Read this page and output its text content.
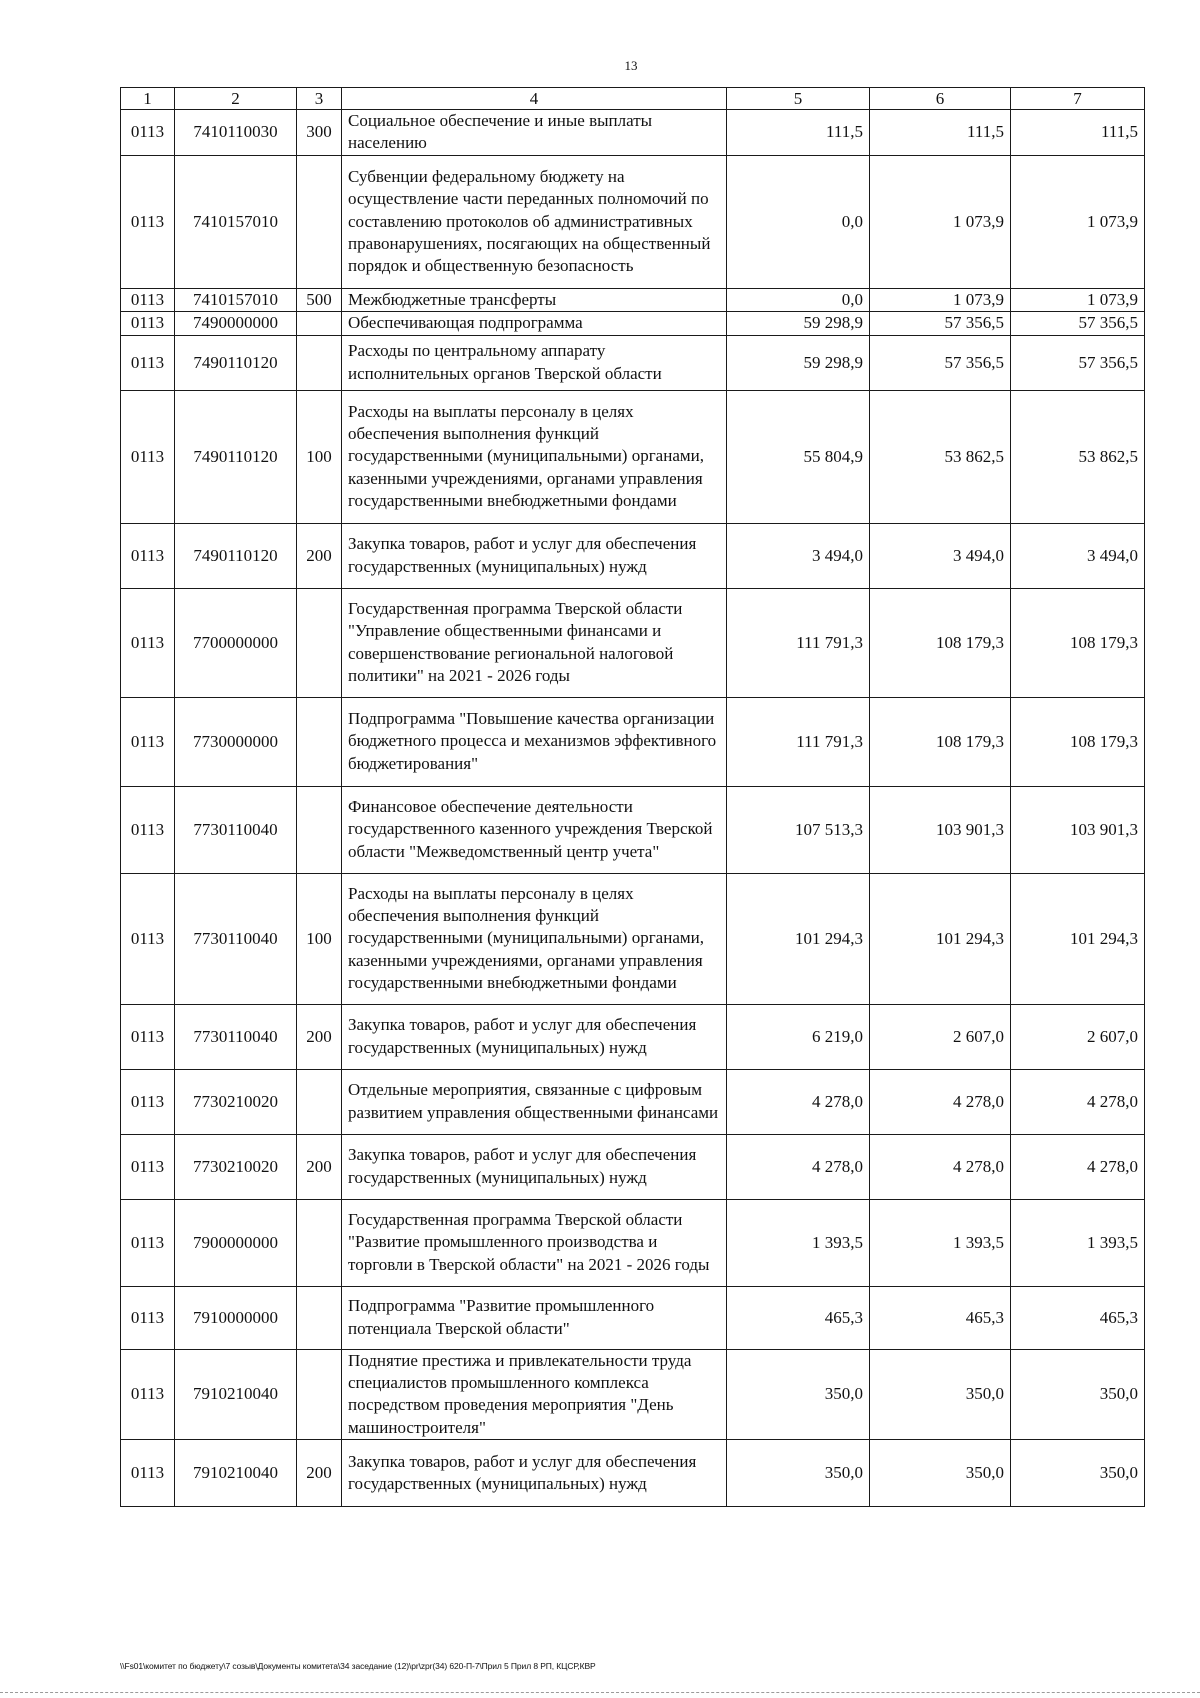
13
1	2	3	4	5	6	7
0113	7410110030	300	Социальное обеспечение и иные выплаты населению	111,5	111,5	111,5
0113	7410157010		Субвенции федеральному бюджету на осуществление части переданных полномочий по составлению протоколов об административных правонарушениях, посягающих на общественный порядок и общественную безопасность	0,0	1 073,9	1 073,9
0113	7410157010	500	Межбюджетные трансферты	0,0	1 073,9	1 073,9
0113	7490000000		Обеспечивающая подпрограмма	59 298,9	57 356,5	57 356,5
0113	7490110120		Расходы по центральному аппарату исполнительных органов Тверской области	59 298,9	57 356,5	57 356,5
0113	7490110120	100	Расходы на выплаты персоналу в целях обеспечения выполнения функций государственными (муниципальными) органами, казенными учреждениями, органами управления государственными внебюджетными фондами	55 804,9	53 862,5	53 862,5
0113	7490110120	200	Закупка товаров, работ и услуг для обеспечения государственных (муниципальных) нужд	3 494,0	3 494,0	3 494,0
0113	7700000000		Государственная программа Тверской области "Управление общественными финансами и совершенствование региональной налоговой политики" на 2021 - 2026 годы	111 791,3	108 179,3	108 179,3
0113	7730000000		Подпрограмма "Повышение качества организации бюджетного процесса и механизмов эффективного бюджетирования"	111 791,3	108 179,3	108 179,3
0113	7730110040		Финансовое обеспечение деятельности государственного казенного учреждения Тверской области "Межведомственный центр учета"	107 513,3	103 901,3	103 901,3
0113	7730110040	100	Расходы на выплаты персоналу в целях обеспечения выполнения функций государственными (муниципальными) органами, казенными учреждениями, органами управления государственными внебюджетными фондами	101 294,3	101 294,3	101 294,3
0113	7730110040	200	Закупка товаров, работ и услуг для обеспечения государственных (муниципальных) нужд	6 219,0	2 607,0	2 607,0
0113	7730210020		Отдельные мероприятия, связанные с цифровым развитием управления общественными финансами	4 278,0	4 278,0	4 278,0
0113	7730210020	200	Закупка товаров, работ и услуг для обеспечения государственных (муниципальных) нужд	4 278,0	4 278,0	4 278,0
0113	7900000000		Государственная программа Тверской области "Развитие промышленного производства и торговли в Тверской области" на 2021 - 2026 годы	1 393,5	1 393,5	1 393,5
0113	7910000000		Подпрограмма "Развитие промышленного потенциала Тверской области"	465,3	465,3	465,3
0113	7910210040		Поднятие престижа и привлекательности труда специалистов промышленного комплекса посредством проведения мероприятия "День машиностроителя"	350,0	350,0	350,0
0113	7910210040	200	Закупка товаров, работ и услуг для обеспечения государственных (муниципальных) нужд	350,0	350,0	350,0
\\Fs01\комитет по бюджету\7 созыв\Документы комитета\34 заседание (12)\pr\zpr(34) 620-П-7\Прил 5 Прил 8 РП, КЦСР,КВР
